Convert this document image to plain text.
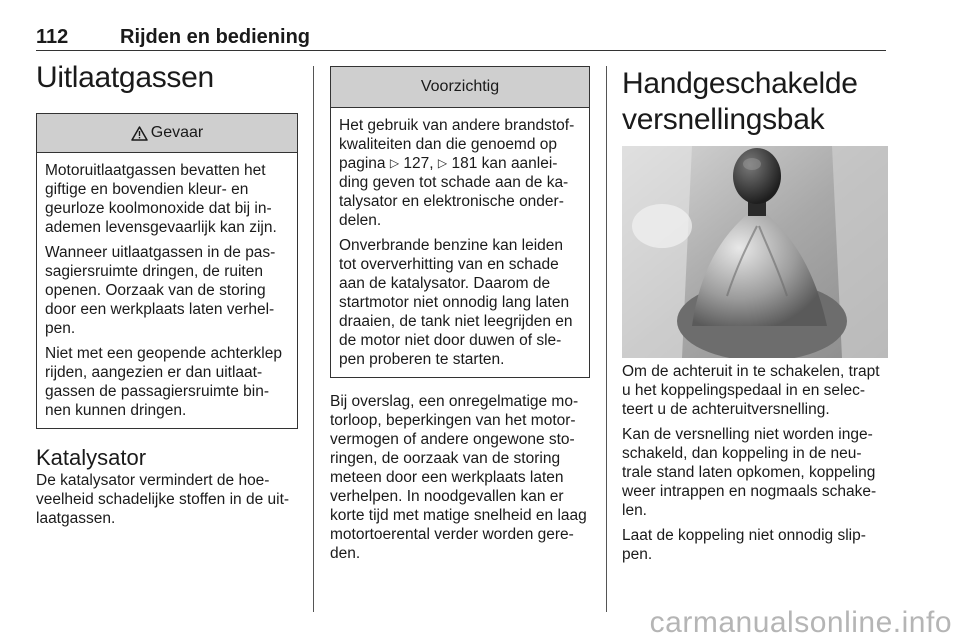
112	Rijden en bediening
Uitlaatgassen
Gevaar

Motoruitlaatgassen bevatten het giftige en bovendien kleur- en geurloze koolmonoxide dat bij in-ademen levensgevaarlijk kan zijn.

Wanneer uitlaatgassen in de pas-sagiersruimte dringen, de ruiten openen. Oorzaak van de storing door een werkplaats laten verhel-pen.

Niet met een geopende achterklep rijden, aangezien er dan uitlaat-gassen de passagiersruimte bin-nen kunnen dringen.

Katalysator

De katalysator vermindert de hoe-veelheid schadelijke stoffen in de uit-laatgassen.

Voorzichtig

Het gebruik van andere brandstof-kwaliteiten dan die genoemd op pagina ▷ 127, ▷ 181 kan aanlei-ding geven tot schade aan de ka-talysator en elektronische onder-delen.

Onverbrande benzine kan leiden tot oververhitting van en schade aan de katalysator. Daarom de startmotor niet onnodig lang laten draaien, de tank niet leegrijden en de motor niet door duwen of sle-pen proberen te starten.

Bij overslag, een onregelmatige mo-torloop, beperkingen van het motor-vermogen of andere ongewone sto-ringen, de oorzaak van de storing meteen door een werkplaats laten verhelpen. In noodgevallen kan er korte tijd met matige snelheid en laag motortoerental verder worden gere-den.

Handgeschakelde versnellingsbak

Om de achteruit in te schakelen, trapt u het koppelingspedaal in en selec-teert u de achteruitversnelling.

Kan de versnelling niet worden inge-schakeld, dan koppeling in de neu-trale stand laten opkomen, koppeling weer intrappen en nogmaals schake-len.

Laat de koppeling niet onnodig slip-pen.

carmanualsonline.info
